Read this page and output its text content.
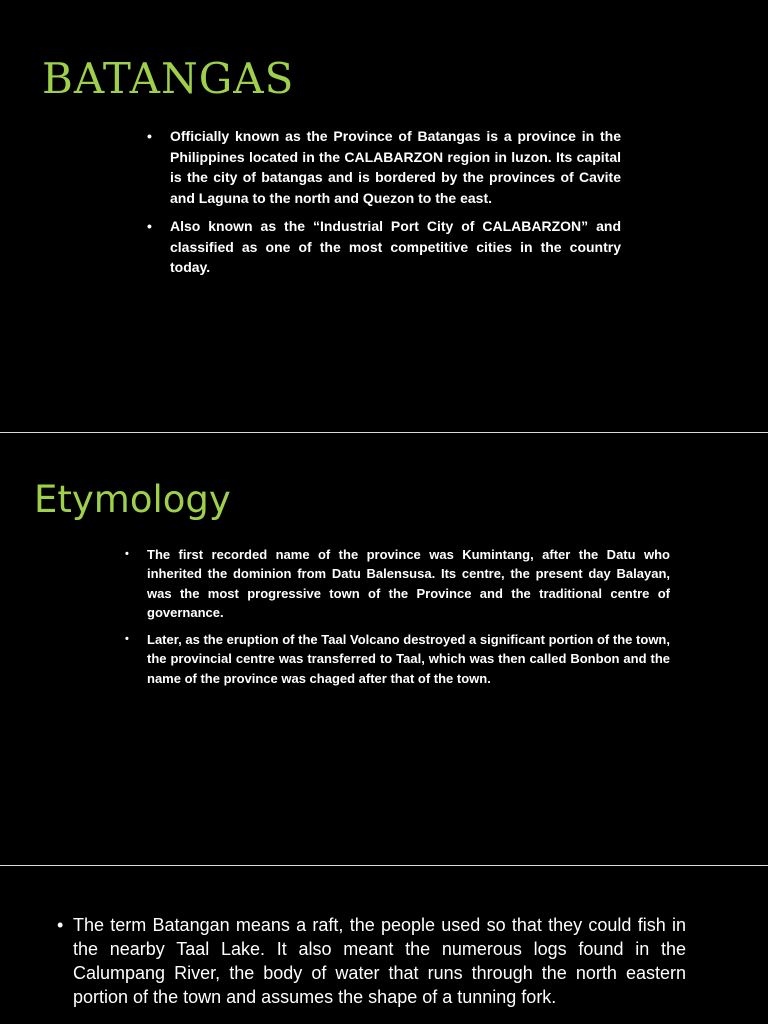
BATANGAS
• Officially known as the Province of Batangas is a province in the Philippines located in the CALABARZON region in luzon. Its capital is the city of batangas and is bordered by the provinces of Cavite and Laguna to the north and Quezon to the east.
• Also known as the “Industrial Port City of CALABARZON” and classified as one of the most competitive cities in the country today.
Etymology
• The first recorded name of the province was Kumintang, after the Datu who inherited the dominion from Datu Balensusa. Its centre, the present day Balayan, was the most progressive town of the Province and the traditional centre of governance.
• Later, as the eruption of the Taal Volcano destroyed a significant portion of the town, the provincial centre was transferred to Taal, which was then called Bonbon and the name of the province was chaged after that of the town.
• The term Batangan means a raft, the people used so that they could fish in the nearby Taal Lake. It also meant the numerous logs found in the Calumpang River, the body of water that runs through the north eastern portion of the town and assumes the shape of a tunning fork.
